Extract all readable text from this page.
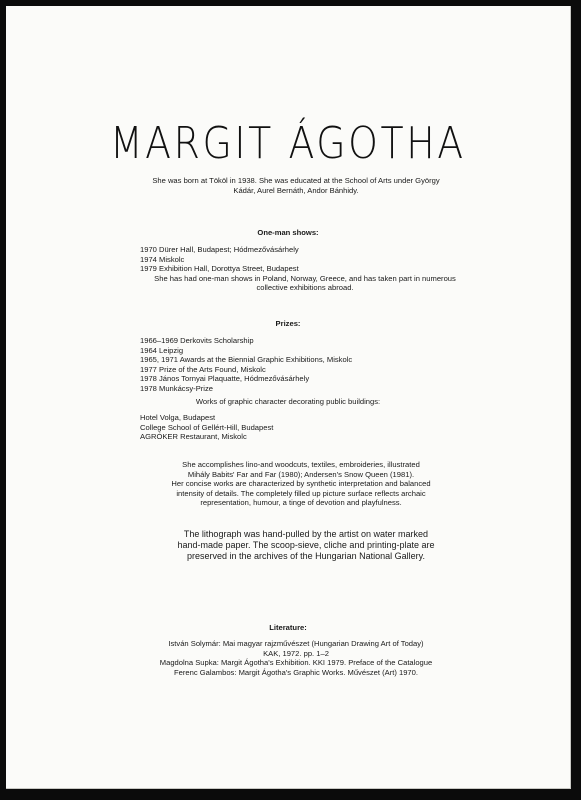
MARGIT ÁGOTHA
She was born at Tököl in 1938. She was educated at the School of Arts under György
Kádár, Aurel Bernáth, Andor Bánhidy.
One-man shows:
1970 Dürer Hall, Budapest; Hódmezővásárhely
1974 Miskolc
1979 Exhibition Hall, Dorottya Street, Budapest
She has had one-man shows in Poland, Norway, Greece, and has taken part in numerous
collective exhibitions abroad.
Prizes:
1966–1969 Derkovits Scholarship
1964 Leipzig
1965, 1971 Awards at the Biennial Graphic Exhibitions, Miskolc
1977 Prize of the Arts Found, Miskolc
1978 János Tornyai Plaquatte, Hódmezővásárhely
1978 Munkácsy-Prize
Works of graphic character decorating public buildings:
Hotel Volga, Budapest
College School of Gellért-Hill, Budapest
AGRÓKER Restaurant, Miskolc
She accomplishes lino-and woodcuts, textiles, embroideries, illustrated
Mihály Babits' Far and Far (1980); Andersen's Snow Queen (1981).
Her concise works are characterized by synthetic interpretation and balanced
intensity of details. The completely filled up picture surface reflects archaic
representation, humour, a tinge of devotion and playfulness.
The lithograph was hand-pulled by the artist on water marked
hand-made paper. The scoop-sieve, cliche and printing-plate are
preserved in the archives of the Hungarian National Gallery.
Literature:
István Solymár: Mai magyar rajzművészet (Hungarian Drawing Art of Today)
KAK, 1972. pp. 1–2
Magdolna Supka: Margit Ágotha's Exhibition. KKI 1979. Preface of the Catalogue
Ferenc Galambos: Margit Ágotha's Graphic Works. Művészet (Art) 1970.
